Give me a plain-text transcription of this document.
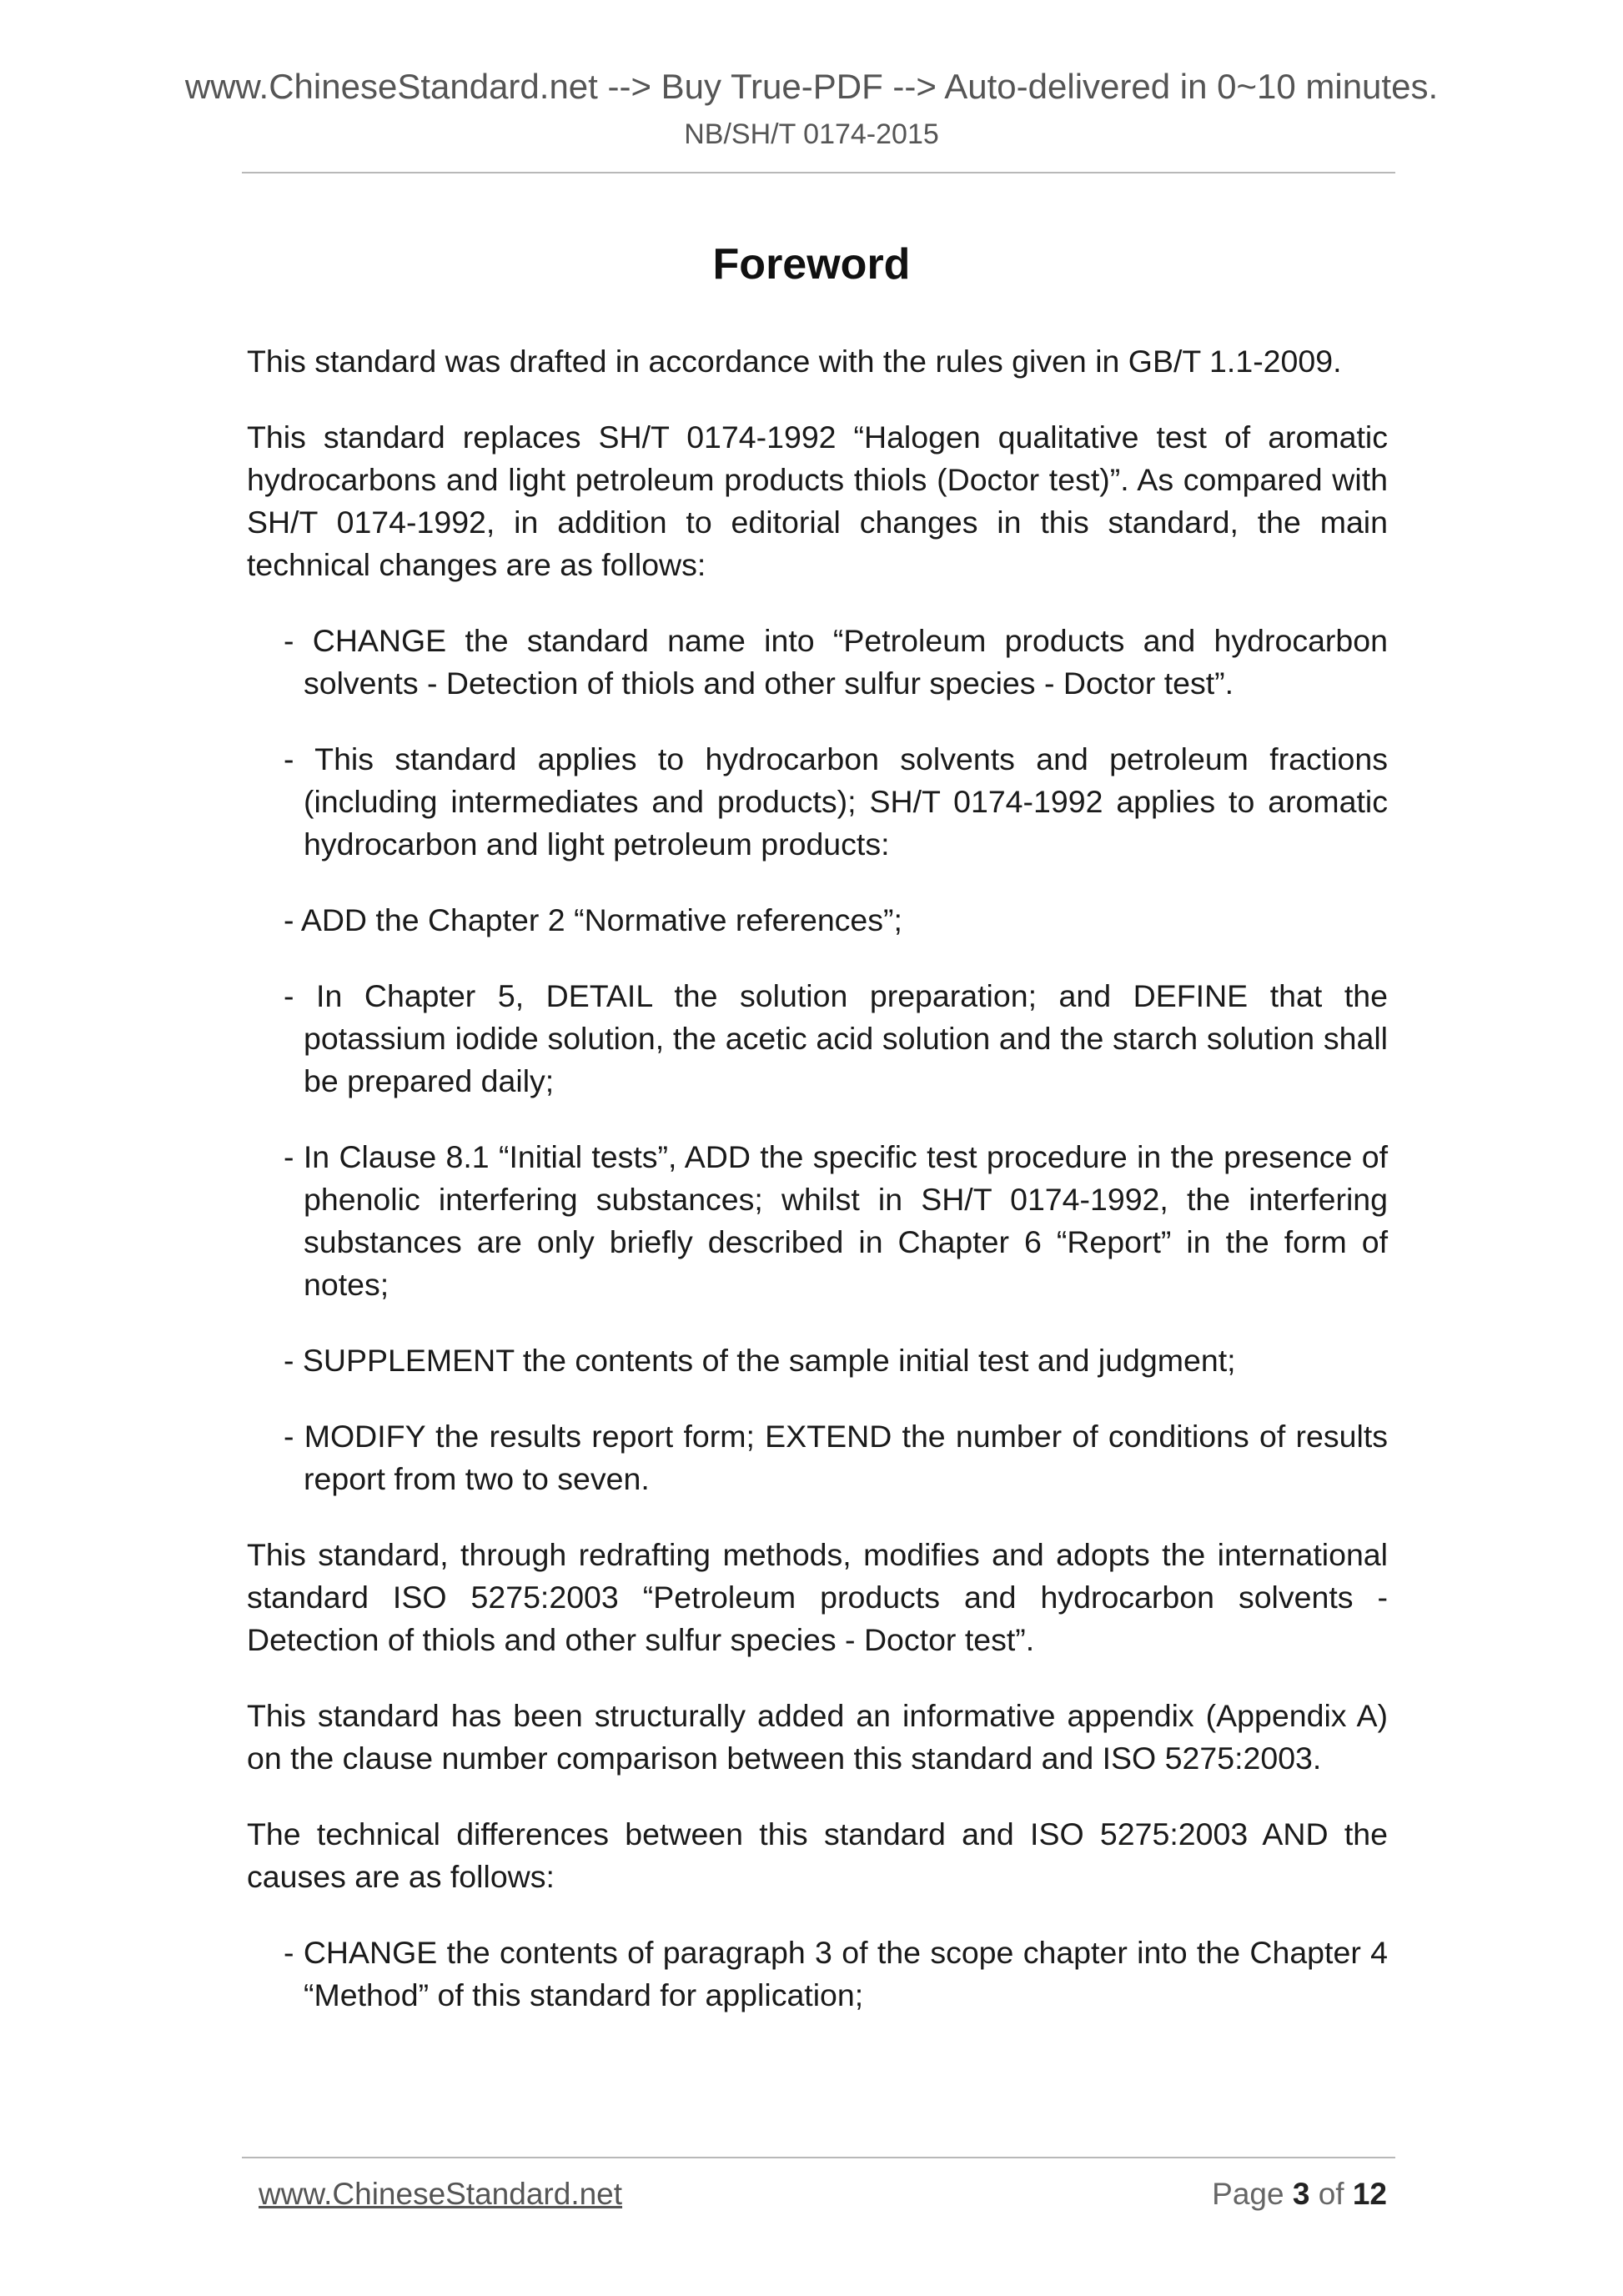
www.ChineseStandard.net --> Buy True-PDF --> Auto-delivered in 0~10 minutes.
NB/SH/T 0174-2015
Foreword

This standard was drafted in accordance with the rules given in GB/T 1.1-2009.

This standard replaces SH/T 0174-1992 “Halogen qualitative test of aromatic hydrocarbons and light petroleum products thiols (Doctor test)”. As compared with SH/T 0174-1992, in addition to editorial changes in this standard, the main technical changes are as follows:

- CHANGE the standard name into “Petroleum products and hydrocarbon solvents - Detection of thiols and other sulfur species - Doctor test”.

- This standard applies to hydrocarbon solvents and petroleum fractions (including intermediates and products); SH/T 0174-1992 applies to aromatic hydrocarbon and light petroleum products:

- ADD the Chapter 2 “Normative references”;

- In Chapter 5, DETAIL the solution preparation; and DEFINE that the potassium iodide solution, the acetic acid solution and the starch solution shall be prepared daily;

- In Clause 8.1 “Initial tests”, ADD the specific test procedure in the presence of phenolic interfering substances; whilst in SH/T 0174-1992, the interfering substances are only briefly described in Chapter 6 “Report” in the form of notes;

- SUPPLEMENT the contents of the sample initial test and judgment;

- MODIFY the results report form; EXTEND the number of conditions of results report from two to seven.

This standard, through redrafting methods, modifies and adopts the international standard ISO 5275:2003 “Petroleum products and hydrocarbon solvents - Detection of thiols and other sulfur species - Doctor test”.

This standard has been structurally added an informative appendix (Appendix A) on the clause number comparison between this standard and ISO 5275:2003.

The technical differences between this standard and ISO 5275:2003 AND the causes are as follows:

- CHANGE the contents of paragraph 3 of the scope chapter into the Chapter 4 “Method” of this standard for application;

www.ChineseStandard.net	Page 3 of 12
